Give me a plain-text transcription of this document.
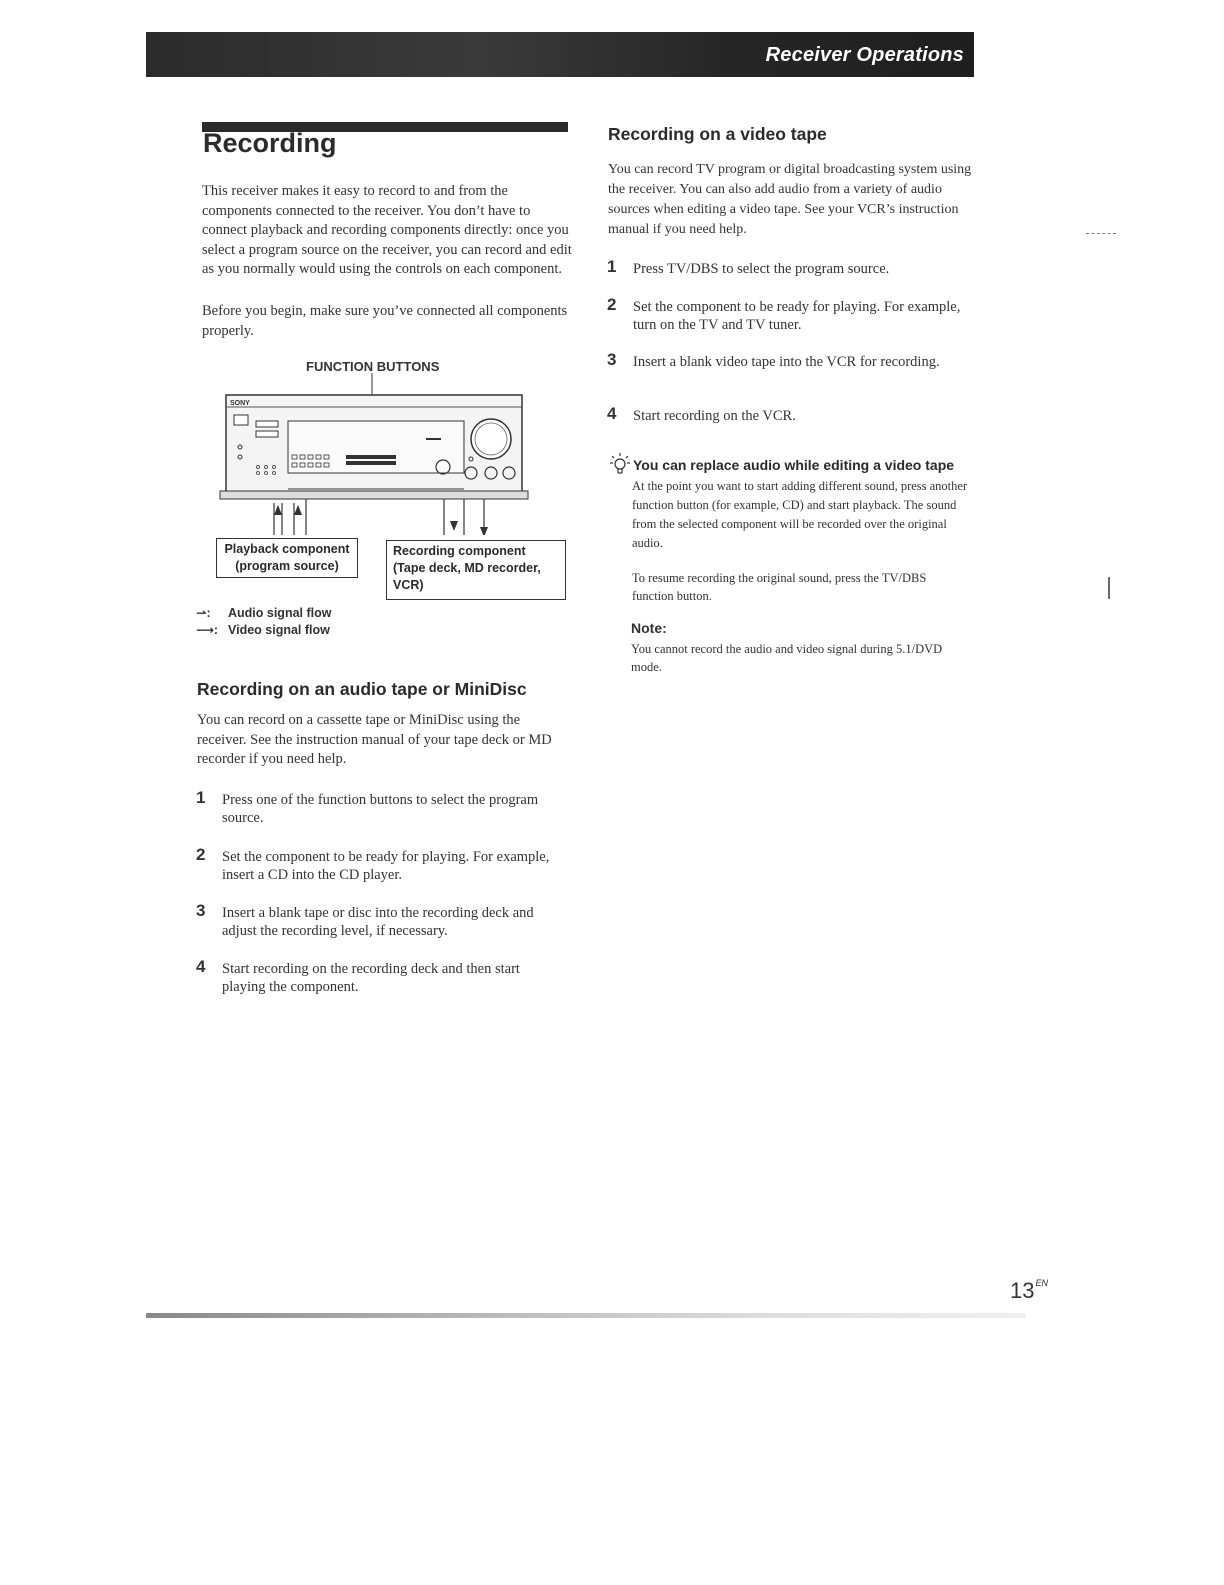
Receiver Operations
Recording

This receiver makes it easy to record to and from the components connected to the receiver. You don’t have to connect playback and recording components directly: once you select a program source on the receiver, you can record and edit as you normally would using the controls on each component.

Before you begin, make sure you’ve connected all components properly.

FUNCTION BUTTONS
SONY
Playback component
(program source)
Recording component
(Tape deck, MD recorder,
VCR)
⇀: Audio signal flow
⟶: Video signal flow
Recording on an audio tape or MiniDisc

You can record on a cassette tape or MiniDisc using the receiver. See the instruction manual of your tape deck or MD recorder if you need help.

1 Press one of the function buttons to select the program source.
2 Set the component to be ready for playing. For example, insert a CD into the CD player.
3 Insert a blank tape or disc into the recording deck and adjust the recording level, if necessary.
4 Start recording on the recording deck and then start playing the component.
Recording on a video tape

You can record TV program or digital broadcasting system using the receiver. You can also add audio from a variety of audio sources when editing a video tape. See your VCR’s instruction manual if you need help.

1 Press TV/DBS to select the program source.
2 Set the component to be ready for playing. For example, turn on the TV and TV tuner.
3 Insert a blank video tape into the VCR for recording.
4 Start recording on the VCR.
You can replace audio while editing a video tape

At the point you want to start adding different sound, press another function button (for example, CD) and start playback. The sound from the selected component will be recorded over the original audio.

To resume recording the original sound, press the TV/DBS function button.

Note:

You cannot record the audio and video signal during 5.1/DVD mode.

$13^{EN}$
